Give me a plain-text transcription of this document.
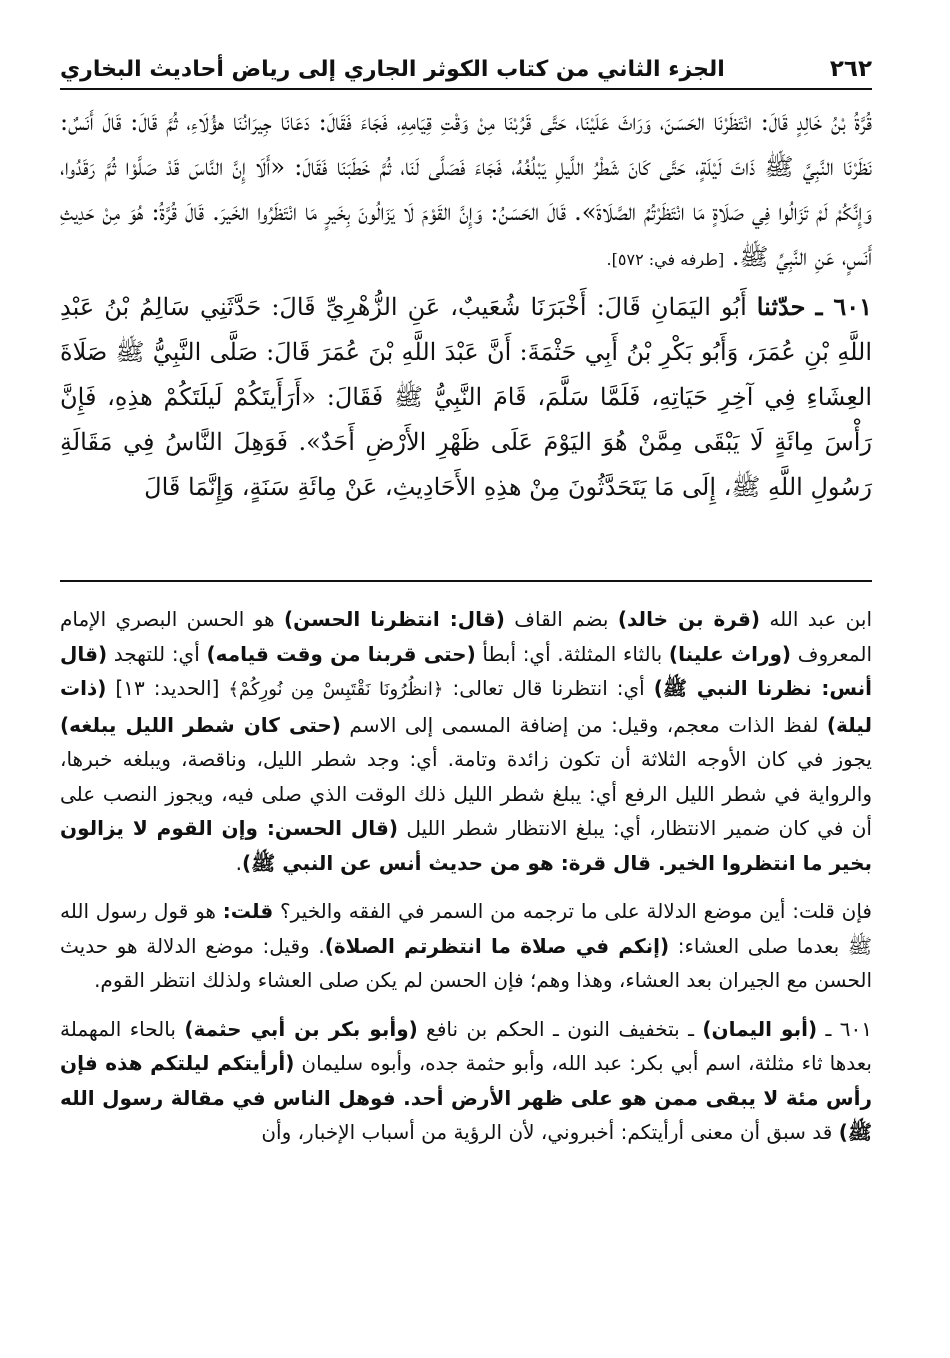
٢٦٢
الجزء الثاني من كتاب الكوثر الجاري إلى رياض أحاديث البخاري

قُرَّةُ بْنُ خَالِدٍ قَالَ: انْتَظَرْنَا الحَسَنَ، وَرَاثَ عَلَيْنَا، حَتَّى قَرُبْنَا مِنْ وَقْتِ قِيَامِهِ، فَجَاءَ فَقَالَ: دَعَانَا جِيرَانُنَا هؤُلَاءِ، ثُمَّ قَالَ: قَالَ أَنَسٌ: نَظَرْنَا النَّبِيَّ ﷺ ذَاتَ لَيْلَةٍ، حَتَّى كَانَ شَطْرُ اللَّيلِ يَبْلُغُهُ، فَجَاءَ فَصَلَّى لَنَا، ثُمَّ خَطَبَنَا فَقَالَ: «أَلَا إِنَّ النَّاسَ قَدْ صَلَّوْا ثُمَّ رَقَدُوا، وَإِنَّكُمْ لَمْ تَزَالُوا فِي صَلَاةٍ مَا انْتَظَرْتُمُ الصَّلَاةَ». قَالَ الحَسَنُ: وَإِنَّ القَوْمَ لَا يَزَالُونَ بِخَيرٍ مَا انْتَظَرُوا الخَيرَ. قَالَ قُرَّةُ: هُوَ مِنْ حَدِيثِ أَنَسٍ، عَنِ النَّبِيِّ ﷺ. [طرفه في: ٥٧٢].

٦٠١ ـ حدّثنا أَبُو اليَمَانِ قَالَ: أَخْبَرَنَا شُعَيبٌ، عَنِ الزُّهْرِيِّ قَالَ: حَدَّثَنِي سَالِمُ بْنُ عَبْدِ اللَّهِ بْنِ عُمَرَ، وَأَبُو بَكْرِ بْنُ أَبِي حَثْمَةَ: أَنَّ عَبْدَ اللَّهِ بْنَ عُمَرَ قَالَ: صَلَّى النَّبِيُّ ﷺ صَلَاةَ العِشَاءِ فِي آخِرِ حَيَاتِهِ، فَلَمَّا سَلَّمَ، قَامَ النَّبِيُّ ﷺ فَقَالَ: «أَرَأَيتَكُمْ لَيلَتَكُمْ هذِهِ، فَإِنَّ رَأْسَ مِائَةٍ لَا يَبْقَى مِمَّنْ هُوَ اليَوْمَ عَلَى ظَهْرِ الأَرْضِ أَحَدٌ». فَوَهِلَ النَّاسُ فِي مَقَالَةِ رَسُولِ اللَّهِ ﷺ، إِلَى مَا يَتَحَدَّثُونَ مِنْ هذِهِ الأَحَادِيثِ، عَنْ مِائَةِ سَنَةٍ، وَإِنَّمَا قَالَ

ابن عبد الله (قرة بن خالد) بضم القاف (قال: انتظرنا الحسن) هو الحسن البصري الإمام المعروف (وراث علينا) بالثاء المثلثة. أي: أبطأ (حتى قربنا من وقت قيامه) أي: للتهجد (قال أنس: نظرنا النبي ﷺ) أي: انتظرنا قال تعالى: ﴿انظُرُونَا نَقْتَبِسْ مِن نُورِكُمْ﴾ [الحديد: ١٣] (ذات ليلة) لفظ الذات معجم، وقيل: من إضافة المسمى إلى الاسم (حتى كان شطر الليل يبلغه) يجوز في كان الأوجه الثلاثة أن تكون زائدة وتامة. أي: وجد شطر الليل، وناقصة، ويبلغه خبرها، والرواية في شطر الليل الرفع أي: يبلغ شطر الليل ذلك الوقت الذي صلى فيه، ويجوز النصب على أن في كان ضمير الانتظار، أي: يبلغ الانتظار شطر الليل (قال الحسن: وإن القوم لا يزالون بخير ما انتظروا الخير. قال قرة: هو من حديث أنس عن النبي ﷺ).

فإن قلت: أين موضع الدلالة على ما ترجمه من السمر في الفقه والخير؟ قلت: هو قول رسول الله ﷺ بعدما صلى العشاء: (إنكم في صلاة ما انتظرتم الصلاة). وقيل: موضع الدلالة هو حديث الحسن مع الجيران بعد العشاء، وهذا وهم؛ فإن الحسن لم يكن صلى العشاء ولذلك انتظر القوم.

٦٠١ ـ (أبو اليمان) ـ بتخفيف النون ـ الحكم بن نافع (وأبو بكر بن أبي حثمة) بالحاء المهملة بعدها ثاء مثلثة، اسم أبي بكر: عبد الله، وأبو حثمة جده، وأبوه سليمان (أرأيتكم ليلتكم هذه فإن رأس مئة لا يبقى ممن هو على ظهر الأرض أحد. فوهل الناس في مقالة رسول الله ﷺ) قد سبق أن معنى أرأيتكم: أخبروني، لأن الرؤية من أسباب الإخبار، وأن
